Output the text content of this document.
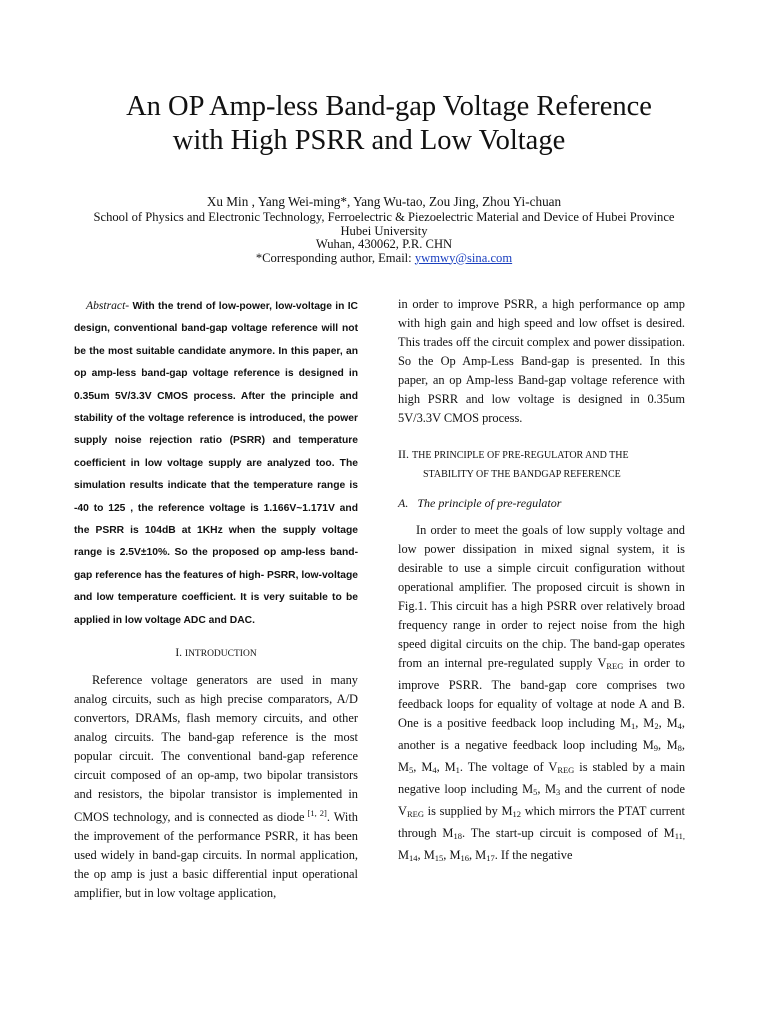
An OP Amp-less Band-gap Voltage Reference
with High PSRR and Low Voltage
Xu Min , Yang Wei-ming*, Yang Wu-tao, Zou Jing, Zhou Yi-chuan
School of Physics and Electronic Technology, Ferroelectric & Piezoelectric Material and Device of Hubei Province
Hubei University
Wuhan, 430062, P.R. CHN
*Corresponding author, Email: ywmwy@sina.com

Abstract- With the trend of low-power, low-voltage in IC design, conventional band-gap voltage reference will not be the most suitable candidate anymore. In this paper, an op amp-less band-gap voltage reference is designed in 0.35um 5V/3.3V CMOS process. After the principle and stability of the voltage reference is introduced, the power supply noise rejection ratio (PSRR) and temperature coefficient in low voltage supply are analyzed too. The simulation results indicate that the temperature range is -40 to 125 , the reference voltage is 1.166V~1.171V and the PSRR is 104dB at 1KHz when the supply voltage range is 2.5V±10%. So the proposed op amp-less band-gap reference has the features of high- PSRR, low-voltage and low temperature coefficient. It is very suitable to be applied in low voltage ADC and DAC.

I. INTRODUCTION

Reference voltage generators are used in many analog circuits, such as high precise comparators, A/D convertors, DRAMs, flash memory circuits, and other analog circuits. The band-gap reference is the most popular circuit. The conventional band-gap reference circuit composed of an op-amp, two bipolar transistors and resistors, the bipolar transistor is implemented in CMOS technology, and is connected as diode [1, 2]. With the improvement of the performance PSRR, it has been used widely in band-gap circuits. In normal application, the op amp is just a basic differential input operational amplifier, but in low voltage application,

in order to improve PSRR, a high performance op amp with high gain and high speed and low offset is desired. This trades off the circuit complex and power dissipation. So the Op Amp-Less Band-gap is presented. In this paper, an op Amp-less Band-gap voltage reference with high PSRR and low voltage is designed in 0.35um 5V/3.3V CMOS process.

II. THE PRINCIPLE OF PRE-REGULATOR AND THE
STABILITY OF THE BANDGAP REFERENCE
A. The principle of pre-regulator

In order to meet the goals of low supply voltage and low power dissipation in mixed signal system, it is desirable to use a simple circuit configuration without operational amplifier. The proposed circuit is shown in Fig.1. This circuit has a high PSRR over relatively broad frequency range in order to reject noise from the high speed digital circuits on the chip. The band-gap operates from an internal pre-regulated supply $V_{REG}$ in order to improve PSRR. The band-gap core comprises two feedback loops for equality of voltage at node A and B. One is a positive feedback loop including $M_1$, $M_2$, $M_4$, another is a negative feedback loop including $M_9$, $M_8$, $M_5$, $M_4$, $M_1$. The voltage of $V_{REG}$ is stabled by a main negative loop including $M_5$, $M_3$ and the current of node $V_{REG}$ is supplied by $M_{12}$ which mirrors the PTAT current through $M_{18}$. The start-up circuit is composed of $M_{11,}$ $M_{14}$, $M_{15}$, $M_{16}$, $M_{17}$. If the negative
